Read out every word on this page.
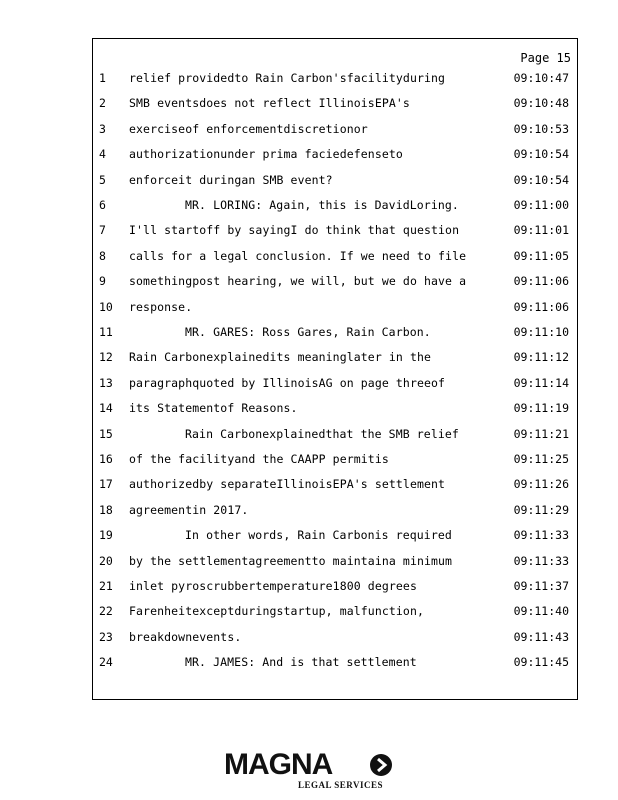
Page 15
1	relief providedto Rain Carbon'sfacilityduring	09:10:47
2	SMB eventsdoes not reflect IllinoisEPA's	09:10:48
3	exerciseof enforcementdiscretionor	09:10:53
4	authorizationunder prima faciedefenseto	09:10:54
5	enforceit duringan SMB event?	09:10:54
6	MR. LORING: Again, this is DavidLoring.	09:11:00
7	I'll startoff by sayingI do think that question	09:11:01
8	calls for a legal conclusion. If we need to file	09:11:05
9	somethingpost hearing, we will, but we do have a	09:11:06
10	response.	09:11:06
11	MR. GARES: Ross Gares, Rain Carbon.	09:11:10
12	Rain Carbonexplainedits meaninglater in the	09:11:12
13	paragraphquoted by IllinoisAG on page threeof	09:11:14
14	its Statementof Reasons.	09:11:19
15	Rain Carbonexplainedthat the SMB relief	09:11:21
16	of the facilityand the CAAPP permitis	09:11:25
17	authorizedby separateIllinoisEPA's settlement	09:11:26
18	agreementin 2017.	09:11:29
19	In other words, Rain Carbonis required	09:11:33
20	by the settlementagreementto maintaina minimum	09:11:33
21	inlet pyroscrubbertemperature1800 degrees	09:11:37
22	Farenheitexceptduringstartup, malfunction,	09:11:40
23	breakdownevents.	09:11:43
24	MR. JAMES: And is that settlement	09:11:45
MAGNA
LEGAL SERVICES
